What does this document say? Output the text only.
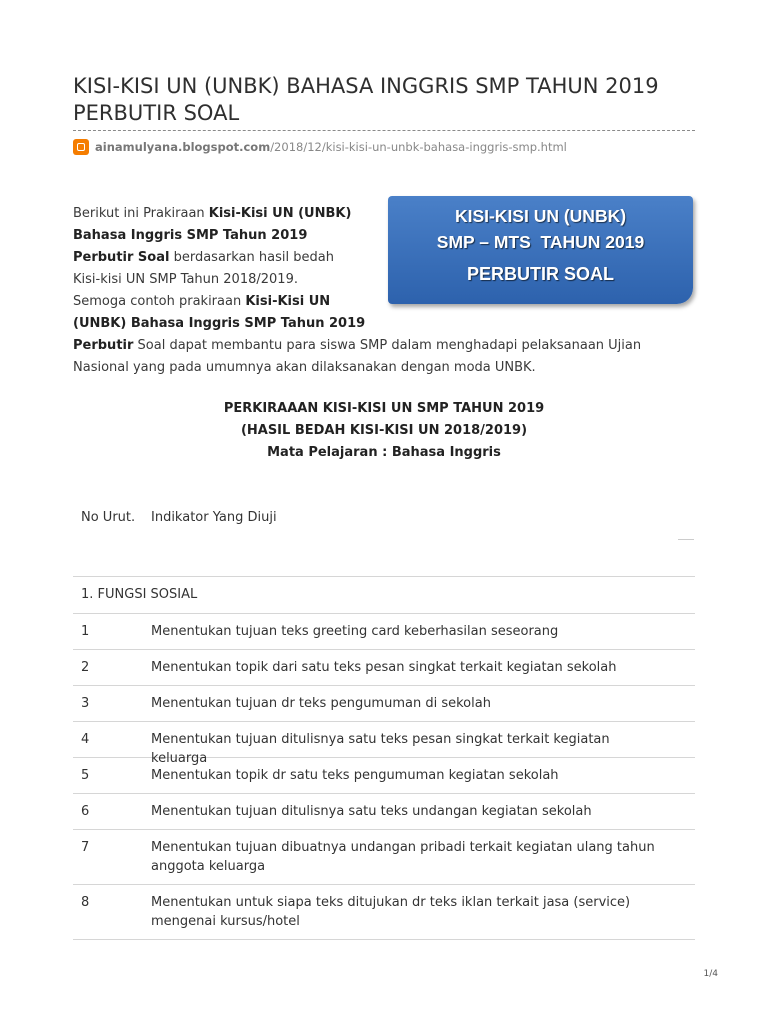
KISI-KISI UN (UNBK) BAHASA INGGRIS SMP TAHUN 2019
PERBUTIR SOAL
ainamulyana.blogspot.com /2018/12/kisi-kisi-un-unbk-bahasa-inggris-smp.html
Berikut ini Prakiraan Kisi-Kisi UN (UNBK)
Bahasa Inggris SMP Tahun 2019
Perbutir Soal berdasarkan hasil bedah
Kisi-kisi UN SMP Tahun 2018/2019.
Semoga contoh prakiraan Kisi-Kisi UN
(UNBK) Bahasa Inggris SMP Tahun 2019
Perbutir Soal dapat membantu para siswa SMP dalam menghadapi pelaksanaan Ujian
Nasional yang pada umumnya akan dilaksanakan dengan moda UNBK.
KISI-KISI UN (UNBK)
SMP – MTS  TAHUN 2019
PERBUTIR SOAL
PERKIRAAAN KISI-KISI UN SMP TAHUN 2019
(HASIL BEDAH KISI-KISI UN 2018/2019)
Mata Pelajaran : Bahasa Inggris
No Urut. Indikator Yang Diuji
1. FUNGSI SOSIAL
1	Menentukan tujuan teks greeting card keberhasilan seseorang
2	Menentukan topik dari satu teks pesan singkat terkait kegiatan sekolah
3	Menentukan tujuan dr teks pengumuman di sekolah
4	Menentukan tujuan ditulisnya satu teks pesan singkat terkait kegiatan keluarga
5	Menentukan topik dr satu teks pengumuman kegiatan sekolah
6	Menentukan tujuan ditulisnya satu teks undangan kegiatan sekolah
7	Menentukan tujuan dibuatnya undangan pribadi terkait kegiatan ulang tahun anggota keluarga
8	Menentukan untuk siapa teks ditujukan dr teks iklan terkait jasa (service) mengenai kursus/hotel
1/4
